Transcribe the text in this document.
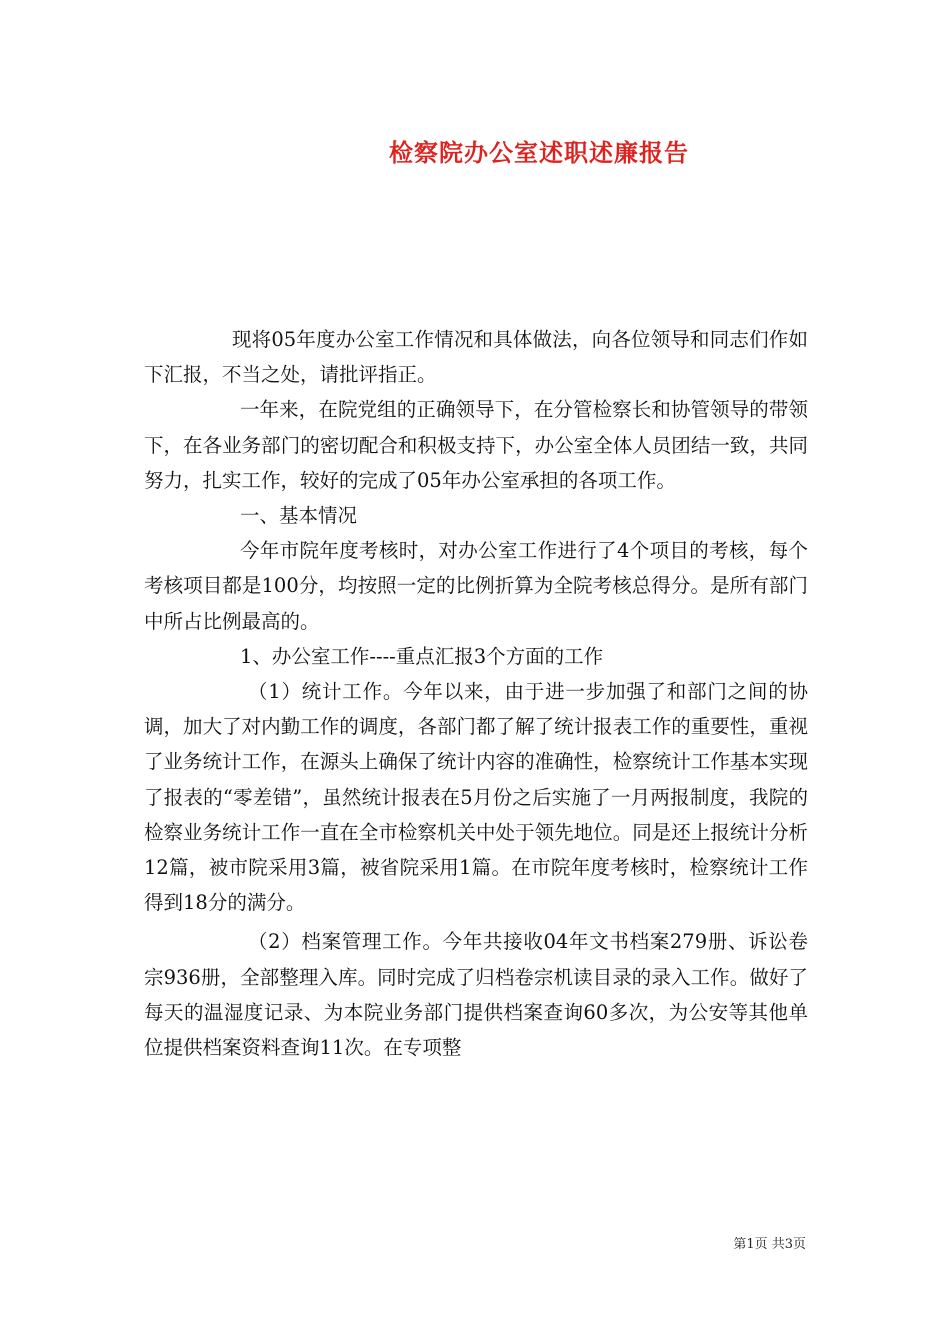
检察院办公室述职述廉报告

现将05年度办公室工作情况和具体做法，向各位领导和同志们作如下汇报，不当之处，请批评指正。

一年来，在院党组的正确领导下，在分管检察长和协管领导的带领下，在各业务部门的密切配合和积极支持下，办公室全体人员团结一致，共同努力，扎实工作，较好的完成了05年办公室承担的各项工作。

一、基本情况

今年市院年度考核时，对办公室工作进行了4个项目的考核，每个考核项目都是100分，均按照一定的比例折算为全院考核总得分。是所有部门中所占比例最高的。

1、办公室工作----重点汇报3个方面的工作

（1）统计工作。今年以来，由于进一步加强了和部门之间的协调，加大了对内勤工作的调度，各部门都了解了统计报表工作的重要性，重视了业务统计工作，在源头上确保了统计内容的准确性，检察统计工作基本实现了报表的“零差错”，虽然统计报表在5月份之后实施了一月两报制度，我院的检察业务统计工作一直在全市检察机关中处于领先地位。同是还上报统计分析12篇，被市院采用3篇，被省院采用1篇。在市院年度考核时，检察统计工作得到18分的满分。

（2）档案管理工作。今年共接收04年文书档案279册、诉讼卷宗936册，全部整理入库。同时完成了归档卷宗机读目录的录入工作。做好了每天的温湿度记录、为本院业务部门提供档案查询60多次，为公安等其他单位提供档案资料查询11次。在专项整

第1页 共3页
